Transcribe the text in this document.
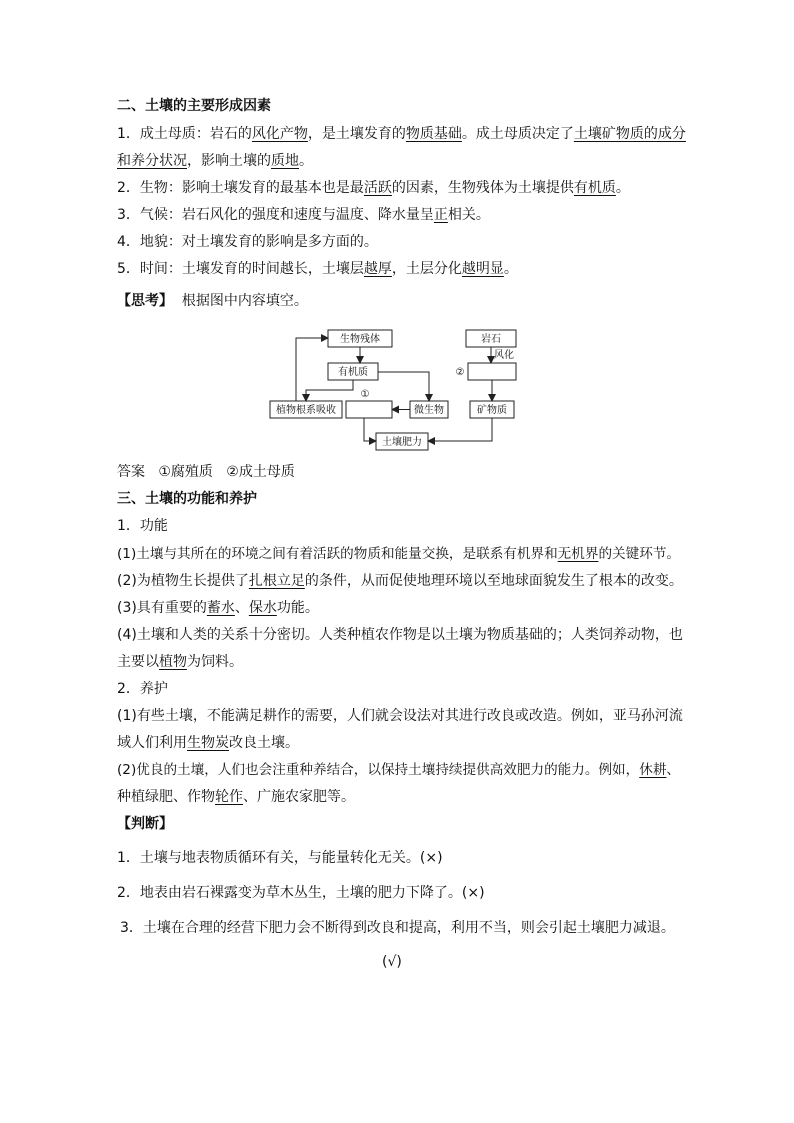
二、土壤的主要形成因素
1．成土母质：岩石的风化产物，是土壤发育的物质基础。成土母质决定了土壤矿物质的成分
和养分状况，影响土壤的质地。
2．生物：影响土壤发育的最基本也是最活跃的因素，生物残体为土壤提供有机质。
3．气候：岩石风化的强度和速度与温度、降水量呈正相关。
4．地貌：对土壤发育的影响是多方面的。
5．时间：土壤发育的时间越长，土壤层越厚，土层分化越明显。
【思考】 根据图中内容填空。
生物残体
有机质
植物根系吸收
①
微生物
土壤肥力
岩石
风化
②
矿物质
答案 ①腐殖质 ②成土母质
三、土壤的功能和养护
1．功能
(1)土壤与其所在的环境之间有着活跃的物质和能量交换，是联系有机界和无机界的关键环节。
(2)为植物生长提供了扎根立足的条件，从而促使地理环境以至地球面貌发生了根本的改变。
(3)具有重要的蓄水、保水功能。
(4)土壤和人类的关系十分密切。人类种植农作物是以土壤为物质基础的；人类饲养动物，也
主要以植物为饲料。
2．养护
(1)有些土壤，不能满足耕作的需要，人们就会设法对其进行改良或改造。例如，亚马孙河流
域人们利用生物炭改良土壤。
(2)优良的土壤，人们也会注重种养结合，以保持土壤持续提供高效肥力的能力。例如，休耕、
种植绿肥、作物轮作、广施农家肥等。
【判断】
1．土壤与地表物质循环有关，与能量转化无关。(×)
2．地表由岩石裸露变为草木丛生，土壤的肥力下降了。(×)
3．土壤在合理的经营下肥力会不断得到改良和提高，利用不当，则会引起土壤肥力减退。
(√)
